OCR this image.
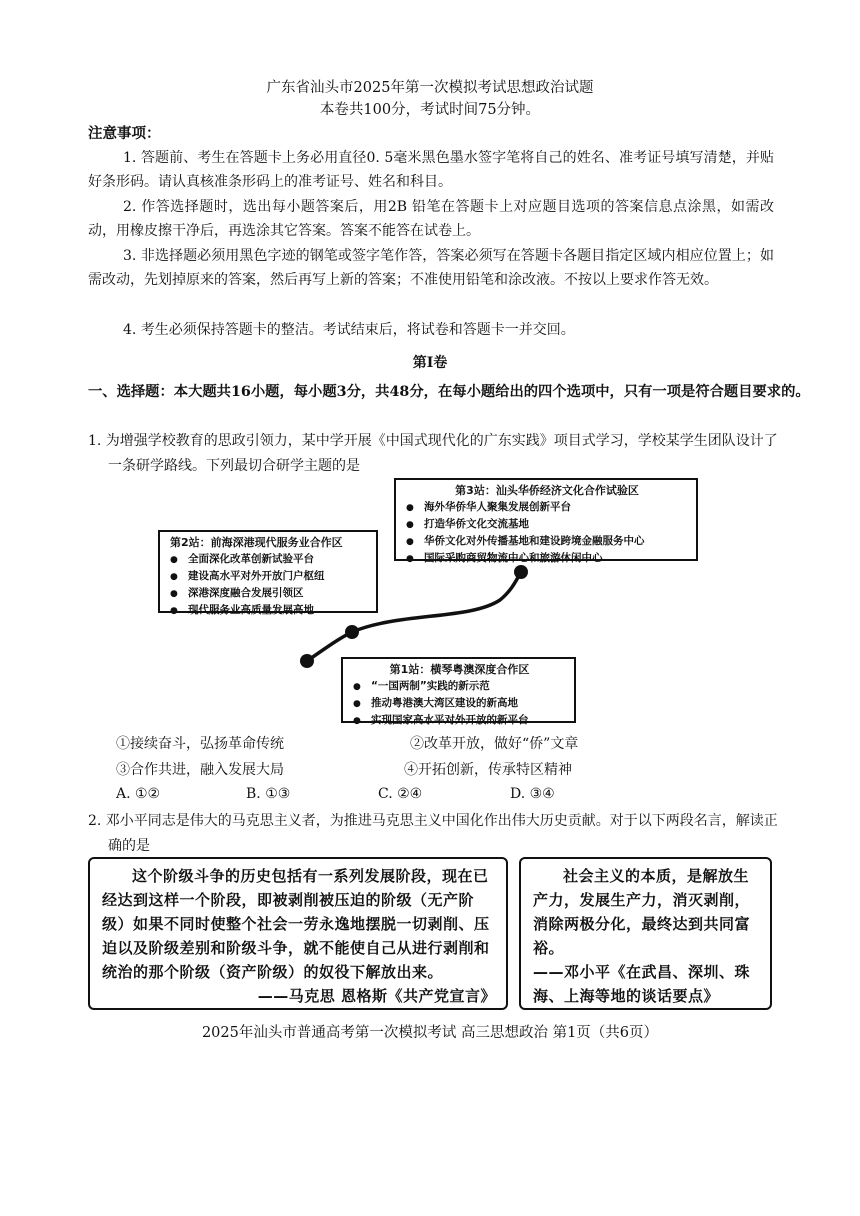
广东省汕头市2025年第一次模拟考试思想政治试题
本卷共100分，考试时间75分钟。
注意事项：
1. 答题前、考生在答题卡上务必用直径0. 5毫米黑色墨水签字笔将自己的姓名、准考证号填写清楚，并贴好条形码。请认真核准条形码上的准考证号、姓名和科目。
2. 作答选择题时，选出每小题答案后，用2B 铅笔在答题卡上对应题目选项的答案信息点涂黑，如需改动，用橡皮擦干净后，再选涂其它答案。答案不能答在试卷上。
3. 非选择题必须用黑色字迹的钢笔或签字笔作答，答案必须写在答题卡各题目指定区域内相应位置上；如需改动，先划掉原来的答案，然后再写上新的答案；不准使用铅笔和涂改液。不按以上要求作答无效。
4. 考生必须保持答题卡的整洁。考试结束后，将试卷和答题卡一并交回。
第Ⅰ卷
一、选择题：本大题共16小题，每小题3分，共48分，在每小题给出的四个选项中，只有一项是符合题目要求的。
1. 为增强学校教育的思政引领力，某中学开展《中国式现代化的广东实践》项目式学习，学校某学生团队设计了一条研学路线。下列最切合研学主题的是
第3站：汕头华侨经济文化合作试验区
● 海外华侨华人聚集发展创新平台
● 打造华侨文化交流基地
● 华侨文化对外传播基地和建设跨境金融服务中心
● 国际采购商贸物流中心和旅游休闲中心
第2站：前海深港现代服务业合作区
● 全面深化改革创新试验平台
● 建设高水平对外开放门户枢纽
● 深港深度融合发展引领区
● 现代服务业高质量发展高地
第1站：横琴粤澳深度合作区
● “一国两制”实践的新示范
● 推动粤港澳大湾区建设的新高地
● 实现国家高水平对外开放的新平台
①接续奋斗，弘扬革命传统	②改革开放，做好“侨”文章
③合作共进，融入发展大局	④开拓创新，传承特区精神
A. ①②	B. ①③	C. ②④	D. ③④
2. 邓小平同志是伟大的马克思主义者，为推进马克思主义中国化作出伟大历史贡献。对于以下两段名言，解读正确的是
这个阶级斗争的历史包括有一系列发展阶段，现在已经达到这样一个阶段，即被剥削被压迫的阶级（无产阶级）如果不同时使整个社会一劳永逸地摆脱一切剥削、压迫以及阶级差别和阶级斗争，就不能使自己从进行剥削和统治的那个阶级（资产阶级）的奴役下解放出来。
——马克思 恩格斯《共产党宣言》
社会主义的本质，是解放生产力，发展生产力，消灭剥削，消除两极分化，最终达到共同富裕。
——邓小平《在武昌、深圳、珠海、上海等地的谈话要点》
2025年汕头市普通高考第一次模拟考试 高三思想政治 第1页（共6页）
